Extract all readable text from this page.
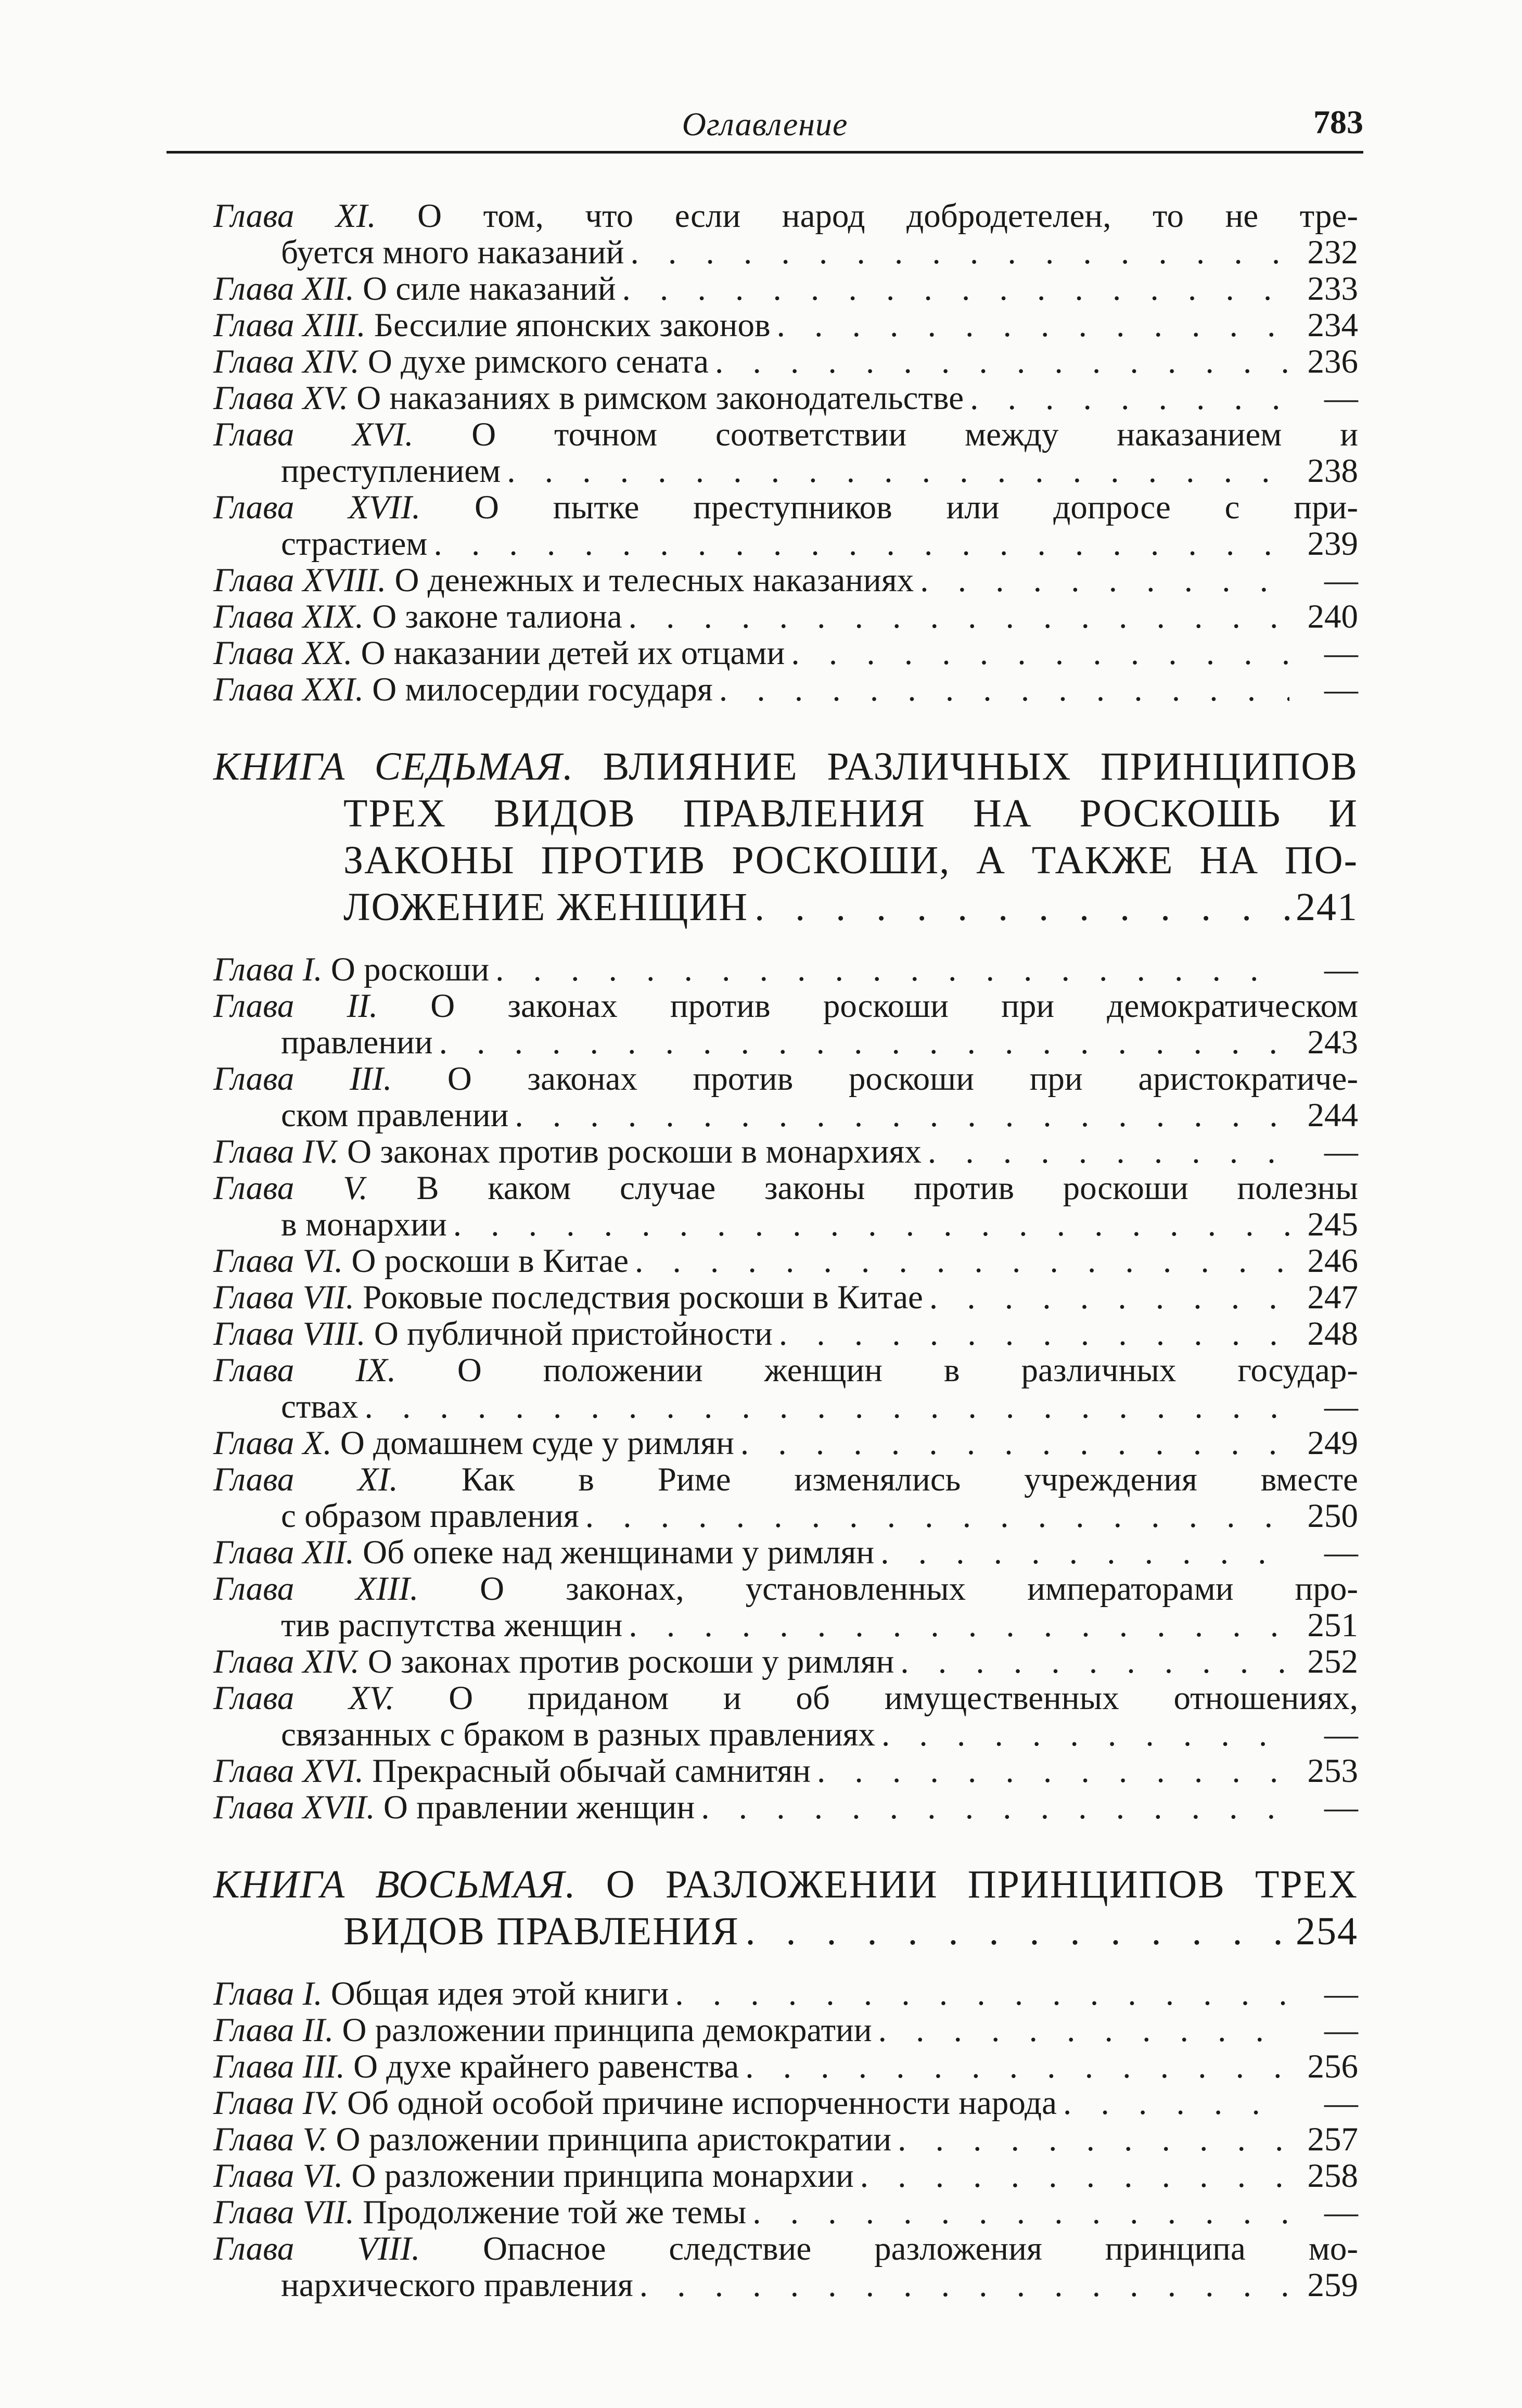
Оглавление	783
Глава XI. О том, что если народ добродетелен, то не тре-
буется много наказаний . . .	232
Глава XII. О силе наказаний . . .	233
Глава XIII. Бессилие японских законов . . .	234
Глава XIV. О духе римского сената . . .	236
Глава XV. О наказаниях в римском законодательстве . . .	—
Глава XVI. О точном соответствии между наказанием и
преступлением . . .	238
Глава XVII. О пытке преступников или допросе с при-
страстием . . .	239
Глава XVIII. О денежных и телесных наказаниях . . .	—
Глава XIX. О законе талиона . . .	240
Глава XX. О наказании детей их отцами . . .	—
Глава XXI. О милосердии государя . . .	—
КНИГА СЕДЬМАЯ. ВЛИЯНИЕ РАЗЛИЧНЫХ ПРИНЦИПОВ
ТРЕХ ВИДОВ ПРАВЛЕНИЯ НА РОСКОШЬ И
ЗАКОНЫ ПРОТИВ РОСКОШИ, А ТАКЖЕ НА ПО-
ЛОЖЕНИЕ ЖЕНЩИН . . .	241
Глава I. О роскоши . . .	—
Глава II. О законах против роскоши при демократическом
правлении . . .	243
Глава III. О законах против роскоши при аристократиче-
ском правлении . . .	244
Глава IV. О законах против роскоши в монархиях . . .	—
Глава V. В каком случае законы против роскоши полезны
в монархии . . .	245
Глава VI. О роскоши в Китае . . .	246
Глава VII. Роковые последствия роскоши в Китае . . .	247
Глава VIII. О публичной пристойности . . .	248
Глава IX. О положении женщин в различных государ-
ствах . . .	—
Глава X. О домашнем суде у римлян . . .	249
Глава XI. Как в Риме изменялись учреждения вместе
с образом правления . . .	250
Глава XII. Об опеке над женщинами у римлян . . .	—
Глава XIII. О законах, установленных императорами про-
тив распутства женщин . . .	251
Глава XIV. О законах против роскоши у римлян . . .	252
Глава XV. О приданом и об имущественных отношениях,
связанных с браком в разных правлениях . . .	—
Глава XVI. Прекрасный обычай самнитян . . .	253
Глава XVII. О правлении женщин . . .	—
КНИГА ВОСЬМАЯ. О РАЗЛОЖЕНИИ ПРИНЦИПОВ ТРЕХ
ВИДОВ ПРАВЛЕНИЯ . . .	254
Глава I. Общая идея этой книги . . .	—
Глава II. О разложении принципа демократии . . .	—
Глава III. О духе крайнего равенства . . .	256
Глава IV. Об одной особой причине испорченности народа . . .	—
Глава V. О разложении принципа аристократии . . .	257
Глава VI. О разложении принципа монархии . . .	258
Глава VII. Продолжение той же темы . . .	—
Глава VIII. Опасное следствие разложения принципа мо-
нархического правления . . .	259
